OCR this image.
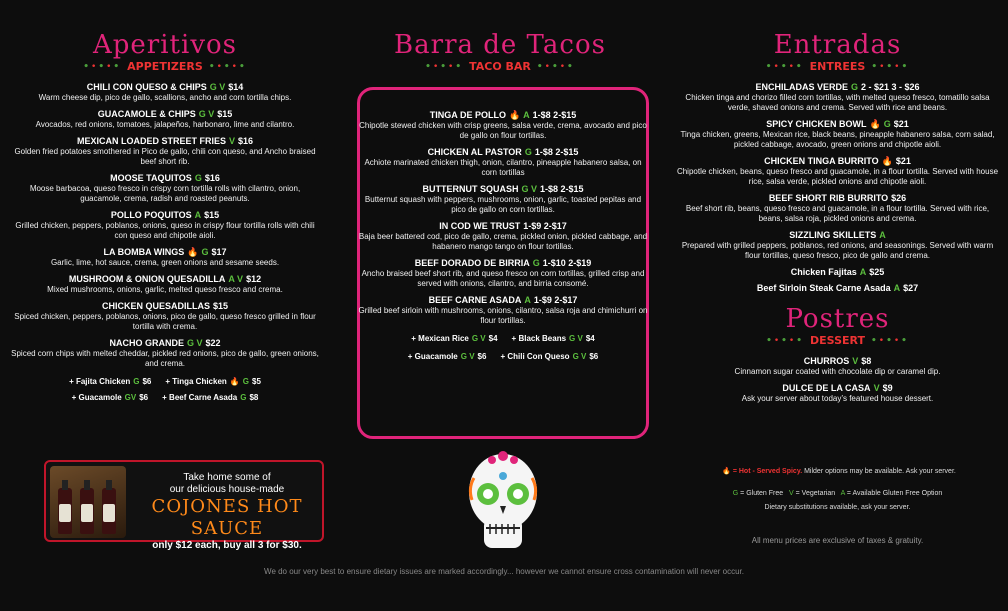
Aperitivos
••••• APPETIZERS •••••
CHILI CON QUESO & CHIPS G V $14
Warm cheese dip, pico de gallo, scallions, ancho and corn tortilla chips.
GUACAMOLE & CHIPS G V $15
Avocados, red onions, tomatoes, jalapeños, harbonaro, lime and cilantro.
MEXICAN LOADED STREET FRIES V $16
Golden fried potatoes smothered in Pico de gallo, chili con queso, and Ancho braised beef short rib.
MOOSE TAQUITOS G $16
Moose barbacoa, queso fresco in crispy corn tortilla rolls with cilantro, onion, guacamole, crema, radish and roasted peanuts.
POLLO POQUITOS A $15
Grilled chicken, peppers, poblanos, onions, queso in crispy flour tortilla rolls with chili con queso and chipotle aioli.
LA BOMBA WINGS 🔥 G $17
Garlic, lime, hot sauce, crema, green onions and sesame seeds.
MUSHROOM & ONION QUESADILLA A V $12
Mixed mushrooms, onions, garlic, melted queso fresco and crema.
CHICKEN QUESADILLAS $15
Spiced chicken, peppers, poblanos, onions, pico de gallo, queso fresco grilled in flour tortilla with crema.
NACHO GRANDE G V $22
Spiced corn chips with melted cheddar, pickled red onions, pico de gallo, green onions, and crema.
+ Fajita Chicken G $6 + Tinga Chicken 🔥 G $5
+ Guacamole GV $6 + Beef Carne Asada G $8
Barra de Tacos
••••• TACO BAR •••••
TINGA DE POLLO 🔥 A 1-$8 2-$15
Chipotle stewed chicken with crisp greens, salsa verde, crema, avocado and pico de gallo on flour tortillas.
CHICKEN AL PASTOR G 1-$8 2-$15
Achiote marinated chicken thigh, onion, cilantro, pineapple habanero salsa, on corn tortillas
BUTTERNUT SQUASH G V 1-$8 2-$15
Butternut squash with peppers, mushrooms, onion, garlic, toasted pepitas and pico de gallo on corn tortillas.
IN COD WE TRUST 1-$9 2-$17
Baja beer battered cod, pico de gallo, crema, pickled onion, pickled cabbage, and habanero mango tango on flour tortillas.
BEEF DORADO DE BIRRIA G 1-$10 2-$19
Ancho braised beef short rib, and queso fresco on corn tortillas, grilled crisp and served with onions, cilantro, and birria consomé.
BEEF CARNE ASADA A 1-$9 2-$17
Grilled beef sirloin with mushrooms, onions, cilantro, salsa roja and chimichurri on flour tortillas.
+ Mexican Rice G V $4 + Black Beans G V $4
+ Guacamole G V $6 + Chili Con Queso G V $6
Take home some of
our delicious house-made
COJONES HOT SAUCE
only $12 each, buy all 3 for $30.
Entradas
••••• ENTREES •••••
ENCHILADAS VERDE G 2 - $21 3 - $26
Chicken tinga and chorizo filled corn tortillas, with melted queso fresco, tomatillo salsa verde, shaved onions and crema. Served with rice and beans.
SPICY CHICKEN BOWL 🔥 G $21
Tinga chicken, greens, Mexican rice, black beans, pineapple habanero salsa, corn salad, pickled cabbage, avocado, green onions and chipotle aioli.
CHICKEN TINGA BURRITO 🔥 $21
Chipotle chicken, beans, queso fresco and guacamole, in a flour tortilla. Served with house rice, salsa verde, pickled onions and chipotle aioli.
BEEF SHORT RIB BURRITO $26
Beef short rib, beans, queso fresco and guacamole, in a flour tortilla. Served with rice, beans, salsa roja, pickled onions and crema.
SIZZLING SKILLETS A
Prepared with grilled peppers, poblanos, red onions, and seasonings. Served with warm flour tortillas, queso fresco, pico de gallo and crema.
Chicken Fajitas A $25
Beef Sirloin Steak Carne Asada A $27
Postres
••••• DESSERT •••••
CHURROS V $8
Cinnamon sugar coated with chocolate dip or caramel dip.
DULCE DE LA CASA V $9
Ask your server about today’s featured house dessert.
🔥 = Hot - Served Spicy. Milder options may be available. Ask your server.
G = Gluten Free V = Vegetarian A = Available Gluten Free Option
Dietary substitutions available, ask your server.
All menu prices are exclusive of taxes & gratuity.
We do our very best to ensure dietary issues are marked accordingly... however we cannot ensure cross contamination will never occur.
